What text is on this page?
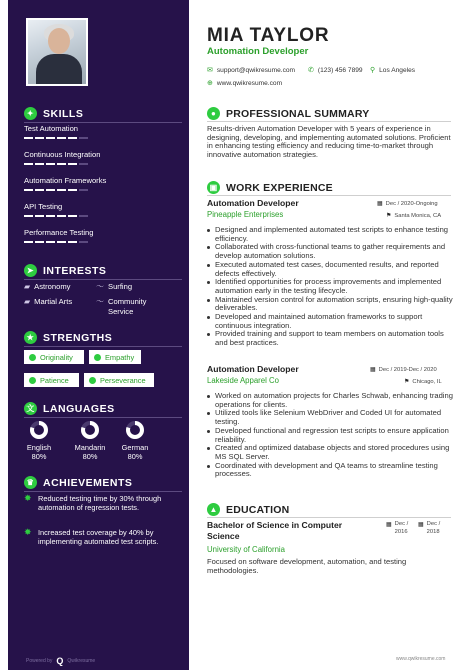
✦ SKILLS
Test Automation
Continuous Integration
Automation Frameworks
API Testing
Performance Testing
➤ INTERESTS
▰ Astronomy	〜 Surfing
▰ Martial Arts	〜 Community
Service
★ STRENGTHS
Originality	Empathy
Patience	Perseverance
文 LANGUAGES
English
80%
Mandarin
80%
German
80%
♛ ACHIEVEMENTS
✸ Reduced testing time by 30% through automation of regression tests.
✸ Increased test coverage by 40% by implementing automated test scripts.
Powered by Q Qwikresume
MIA TAYLOR
Automation Developer
✉ support@qwikresume.com ✆ (123) 456 7899 ⚲ Los Angeles
⊕ www.qwikresume.com
● PROFESSIONAL SUMMARY
Results-driven Automation Developer with 5 years of experience in designing, developing, and implementing automated solutions. Proficient in enhancing testing efficiency and reducing time-to-market through innovative automation strategies.
▣ WORK EXPERIENCE
Automation Developer	▦ Dec / 2020-Ongoing
Pineapple Enterprises	⚑ Santa Monica, CA
Designed and implemented automated test scripts to enhance testing efficiency.
Collaborated with cross-functional teams to gather requirements and develop automation solutions.
Executed automated test cases, documented results, and reported defects effectively.
Identified opportunities for process improvements and implemented automation early in the testing lifecycle.
Maintained version control for automation scripts, ensuring high-quality deliverables.
Developed and maintained automation frameworks to support continuous integration.
Provided training and support to team members on automation tools and best practices.
Automation Developer	▦ Dec / 2019-Dec / 2020
Lakeside Apparel Co	⚑ Chicago, IL
Worked on automation projects for Charles Schwab, enhancing trading operations for clients.
Utilized tools like Selenium WebDriver and Coded UI for automated testing.
Developed functional and regression test scripts to ensure application reliability.
Created and optimized database objects and stored procedures using MS SQL Server.
Coordinated with development and QA teams to streamline testing processes.
▲ EDUCATION
Bachelor of Science in Computer Science
▦ Dec / 2016
▦ Dec / 2018
University of California
Focused on software development, automation, and testing methodologies.
www.qwikresume.com
